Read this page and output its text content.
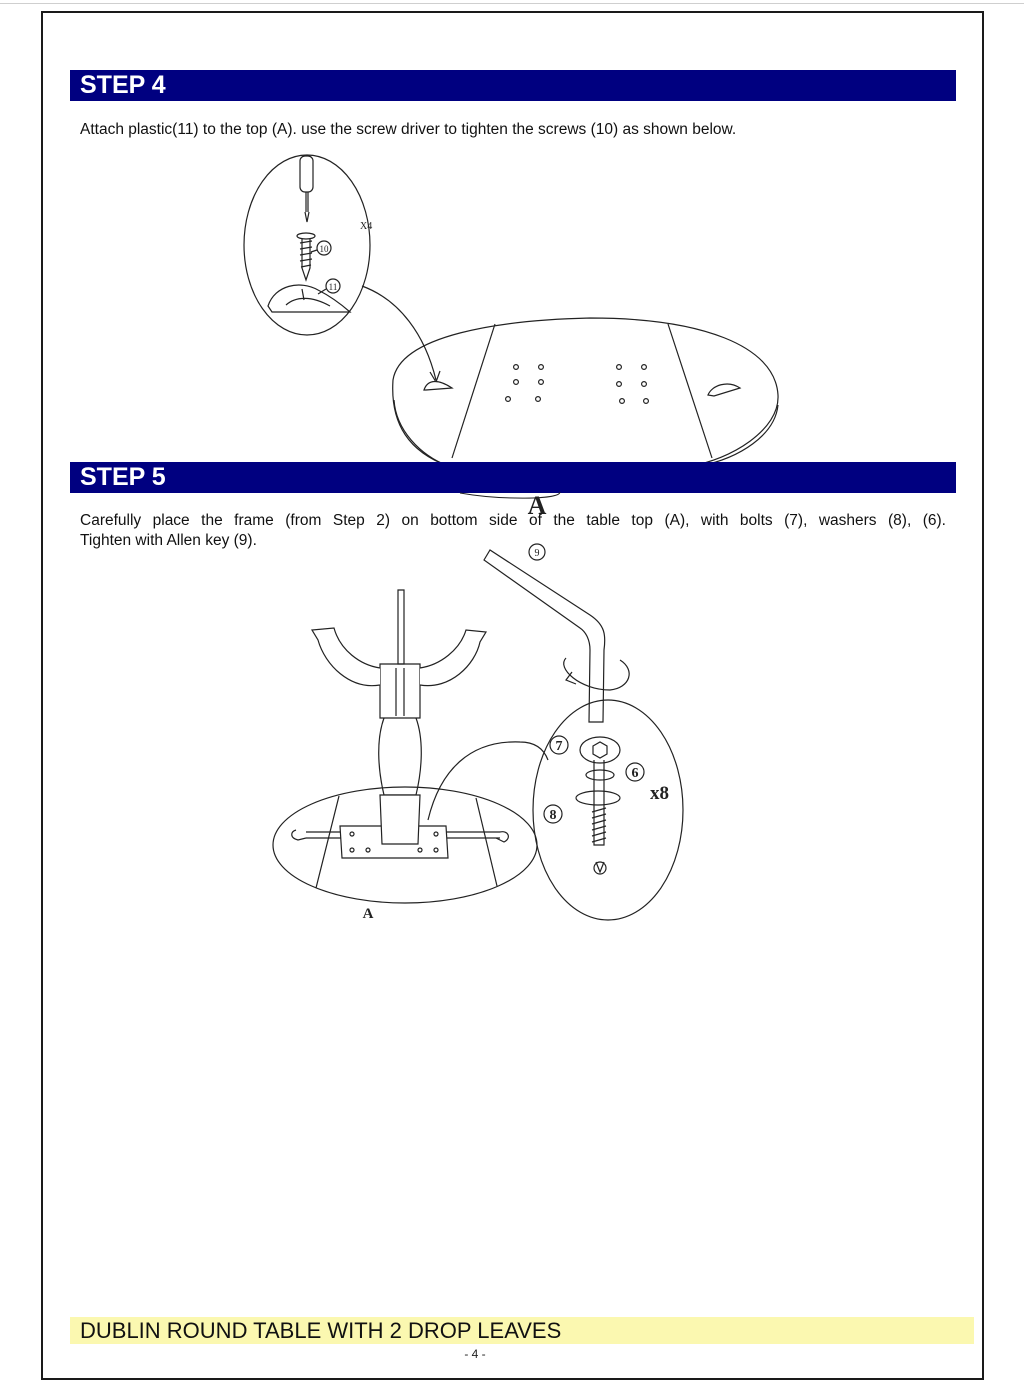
STEP 4
Attach plastic(11) to the top (A). use the screw driver to tighten the screws (10) as shown below.
X4
10
11
A
9
7
6
8
x8
STEP 5
A
Carefully place the frame (from Step 2) on bottom side of the table top (A), with bolts (7), washers (8), (6).
Tighten with Allen key (9).
DUBLIN ROUND TABLE WITH 2 DROP LEAVES
- 4 -
